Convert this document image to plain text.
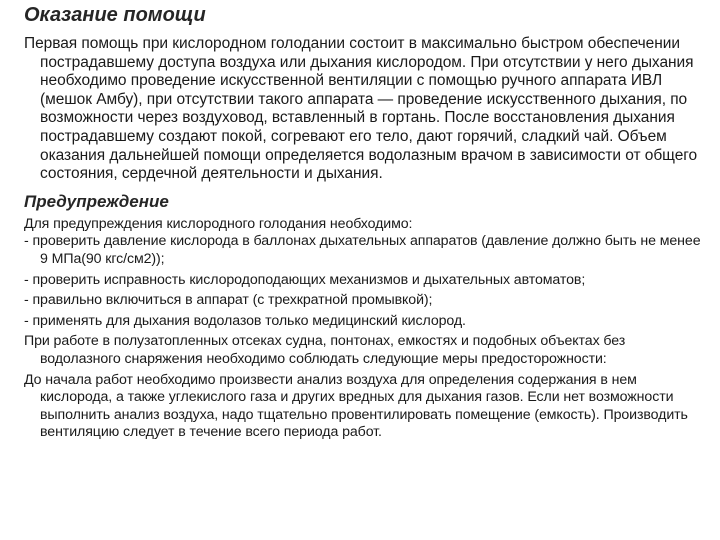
Оказание помощи

Первая помощь при кислородном голодании состоит в максимально быстром обеспечении пострадавшему доступа воздуха или дыхания кислородом. При отсутствии у него дыхания необходимо проведение искусственной вентиляции с помощью ручного аппарата ИВЛ (мешок Амбу), при отсутствии такого аппарата — проведение искусственного дыхания, по возможности через воздуховод, вставленный в гортань. После восстановления дыхания пострадавшему создают покой, согревают его тело, дают горячий, сладкий чай. Объем оказания дальнейшей помощи определяется водолазным врачом в зависимости от общего состояния, сердечной деятельности и дыхания.

Предупреждение

Для предупреждения кислородного голодания необходимо:

- проверить давление кислорода в баллонах дыхательных аппаратов (давление должно быть не менее 9 МПа(90 кгс/см2));

- проверить исправность кислородоподающих механизмов и дыхательных автоматов;

- правильно включиться в аппарат (с трехкратной промывкой);

- применять для дыхания водолазов только медицинский кислород.

При работе в полузатопленных отсеках судна, понтонах, емкостях и подобных объектах без водолазного снаряжения необходимо соблюдать следующие меры предосторожности:

До начала работ необходимо произвести анализ воздуха для определения содержания в нем кислорода, а также углекислого газа и других вредных для дыхания газов. Если нет возможности выполнить анализ воздуха, надо тщательно провентилировать помещение (емкость). Производить вентиляцию следует в течение всего периода работ.
